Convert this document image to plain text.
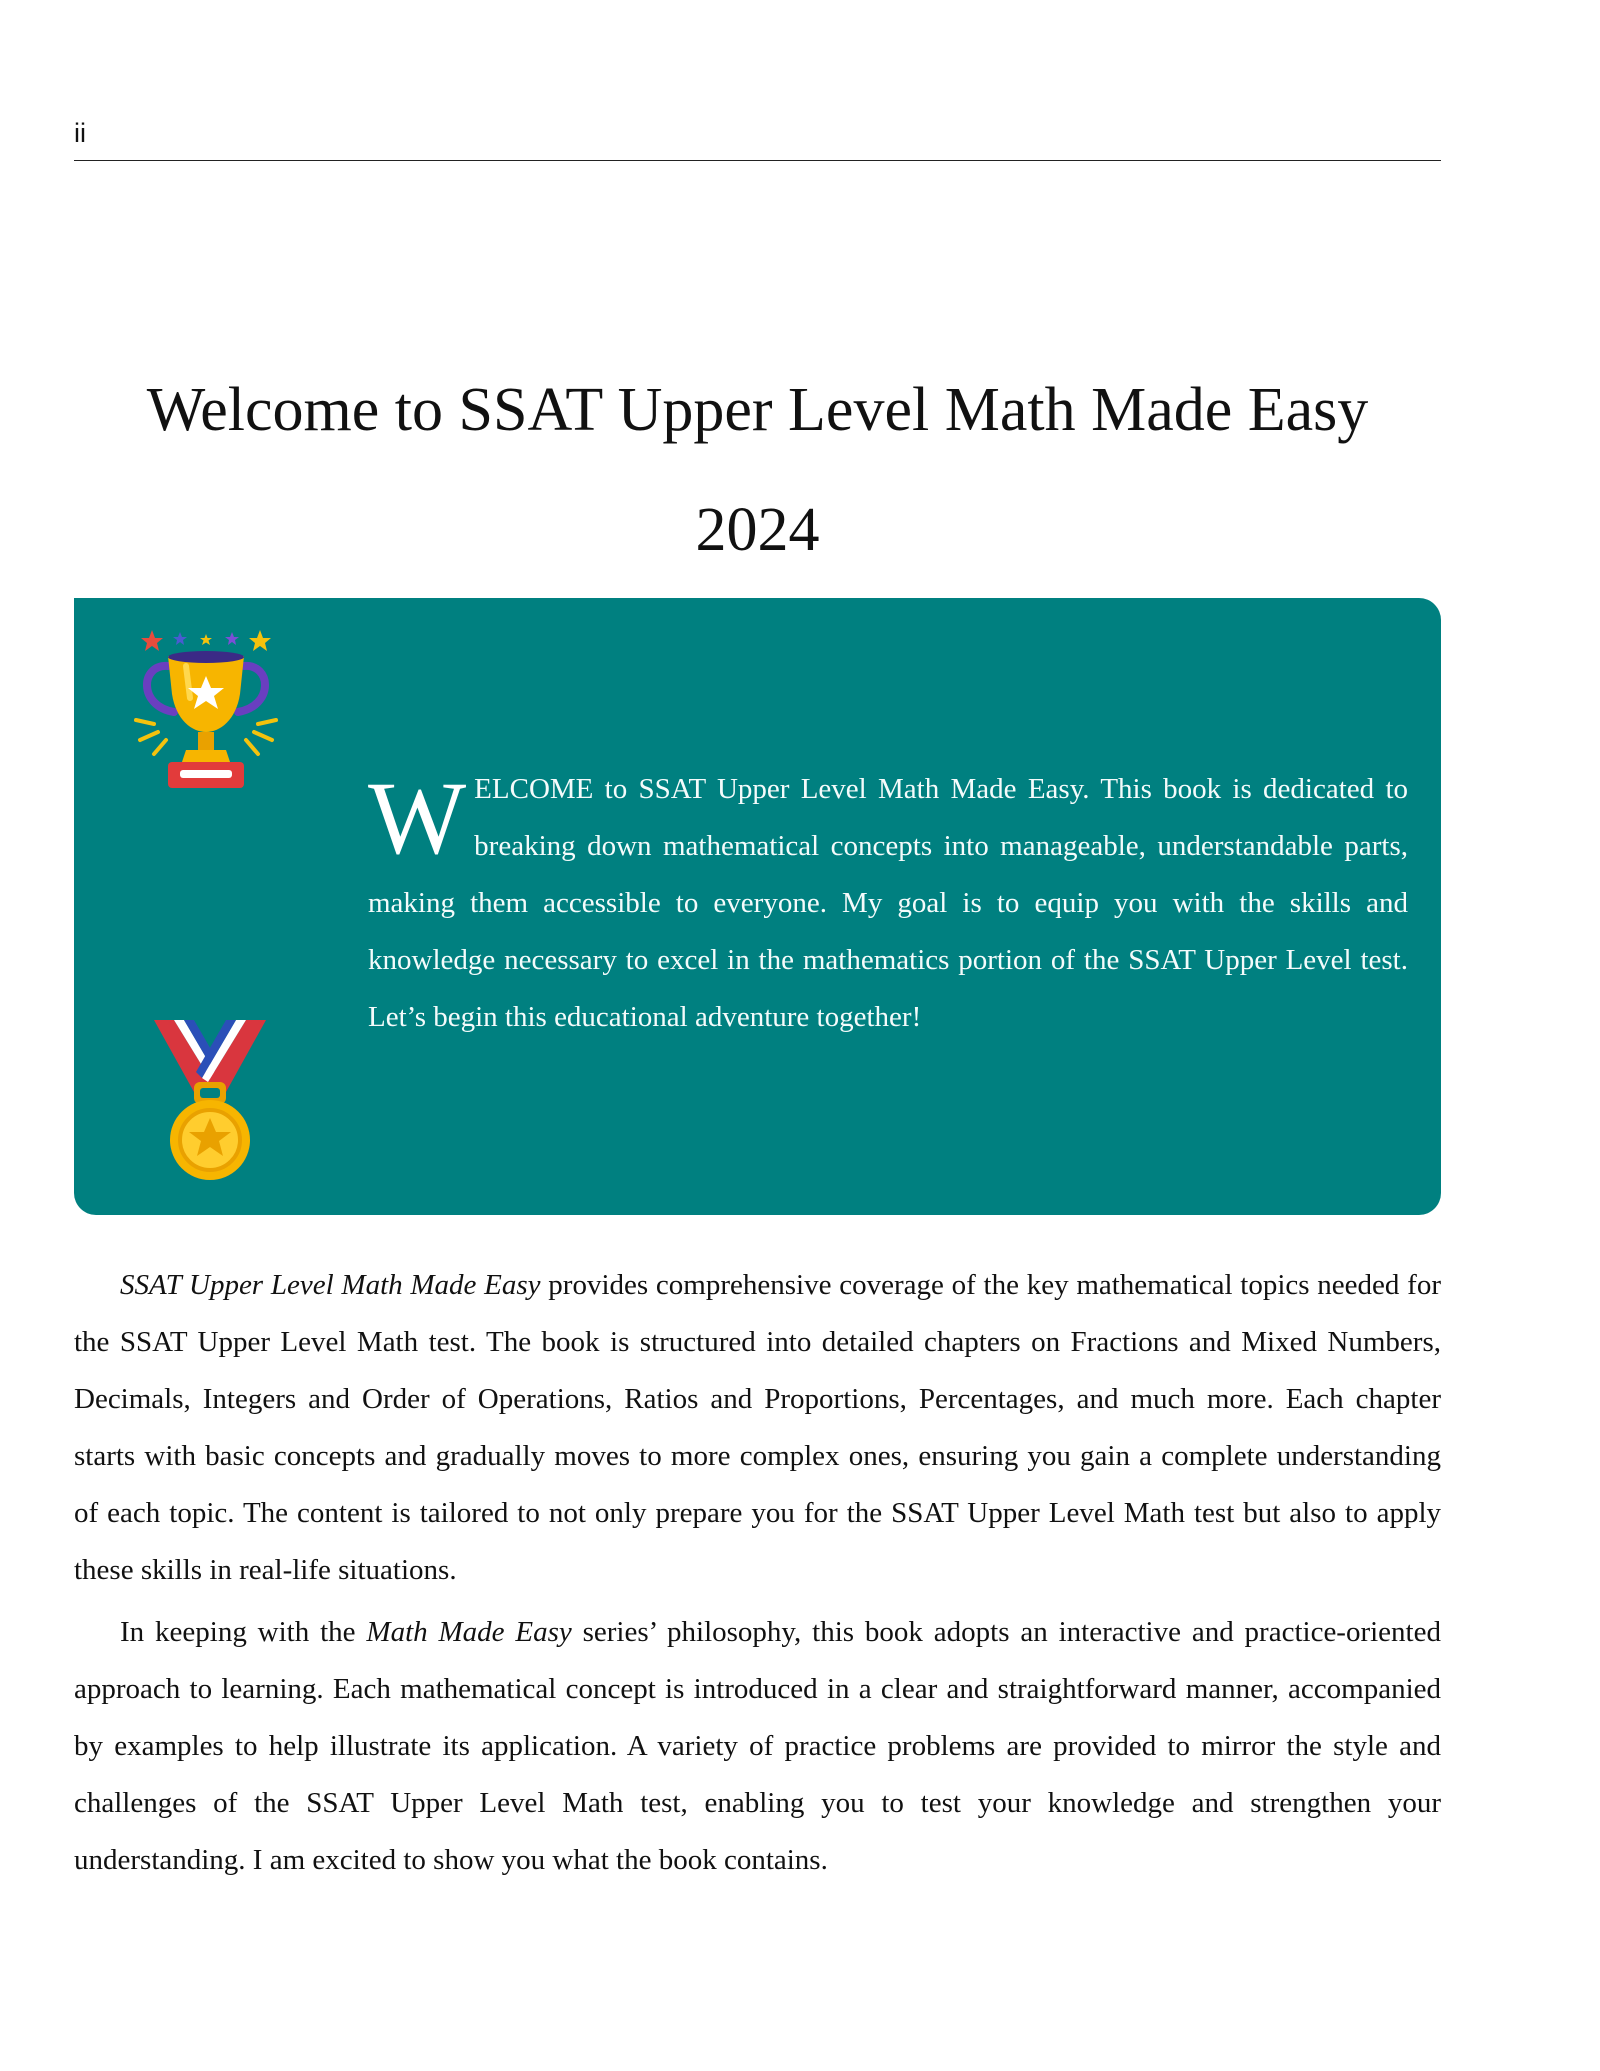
ii
Welcome to SSAT Upper Level Math Made Easy
2024
W ELCOME to SSAT Upper Level Math Made Easy. This book is dedicated to breaking down mathematical concepts into manageable, understandable parts, making them accessible to everyone. My goal is to equip you with the skills and knowledge necessary to excel in the mathematics portion of the SSAT Upper Level test. Let’s begin this educational adventure together!

SSAT Upper Level Math Made Easy provides comprehensive coverage of the key mathematical topics needed for the SSAT Upper Level Math test. The book is structured into detailed chapters on Fractions and Mixed Numbers, Decimals, Integers and Order of Operations, Ratios and Proportions, Percentages, and much more. Each chapter starts with basic concepts and gradually moves to more complex ones, ensuring you gain a complete understanding of each topic. The content is tailored to not only prepare you for the SSAT Upper Level Math test but also to apply these skills in real-life situations.

In keeping with the Math Made Easy series’ philosophy, this book adopts an interactive and practice-oriented approach to learning. Each mathematical concept is introduced in a clear and straightforward manner, accompanied by examples to help illustrate its application. A variety of practice problems are provided to mirror the style and challenges of the SSAT Upper Level Math test, enabling you to test your knowledge and strengthen your understanding. I am excited to show you what the book contains.
